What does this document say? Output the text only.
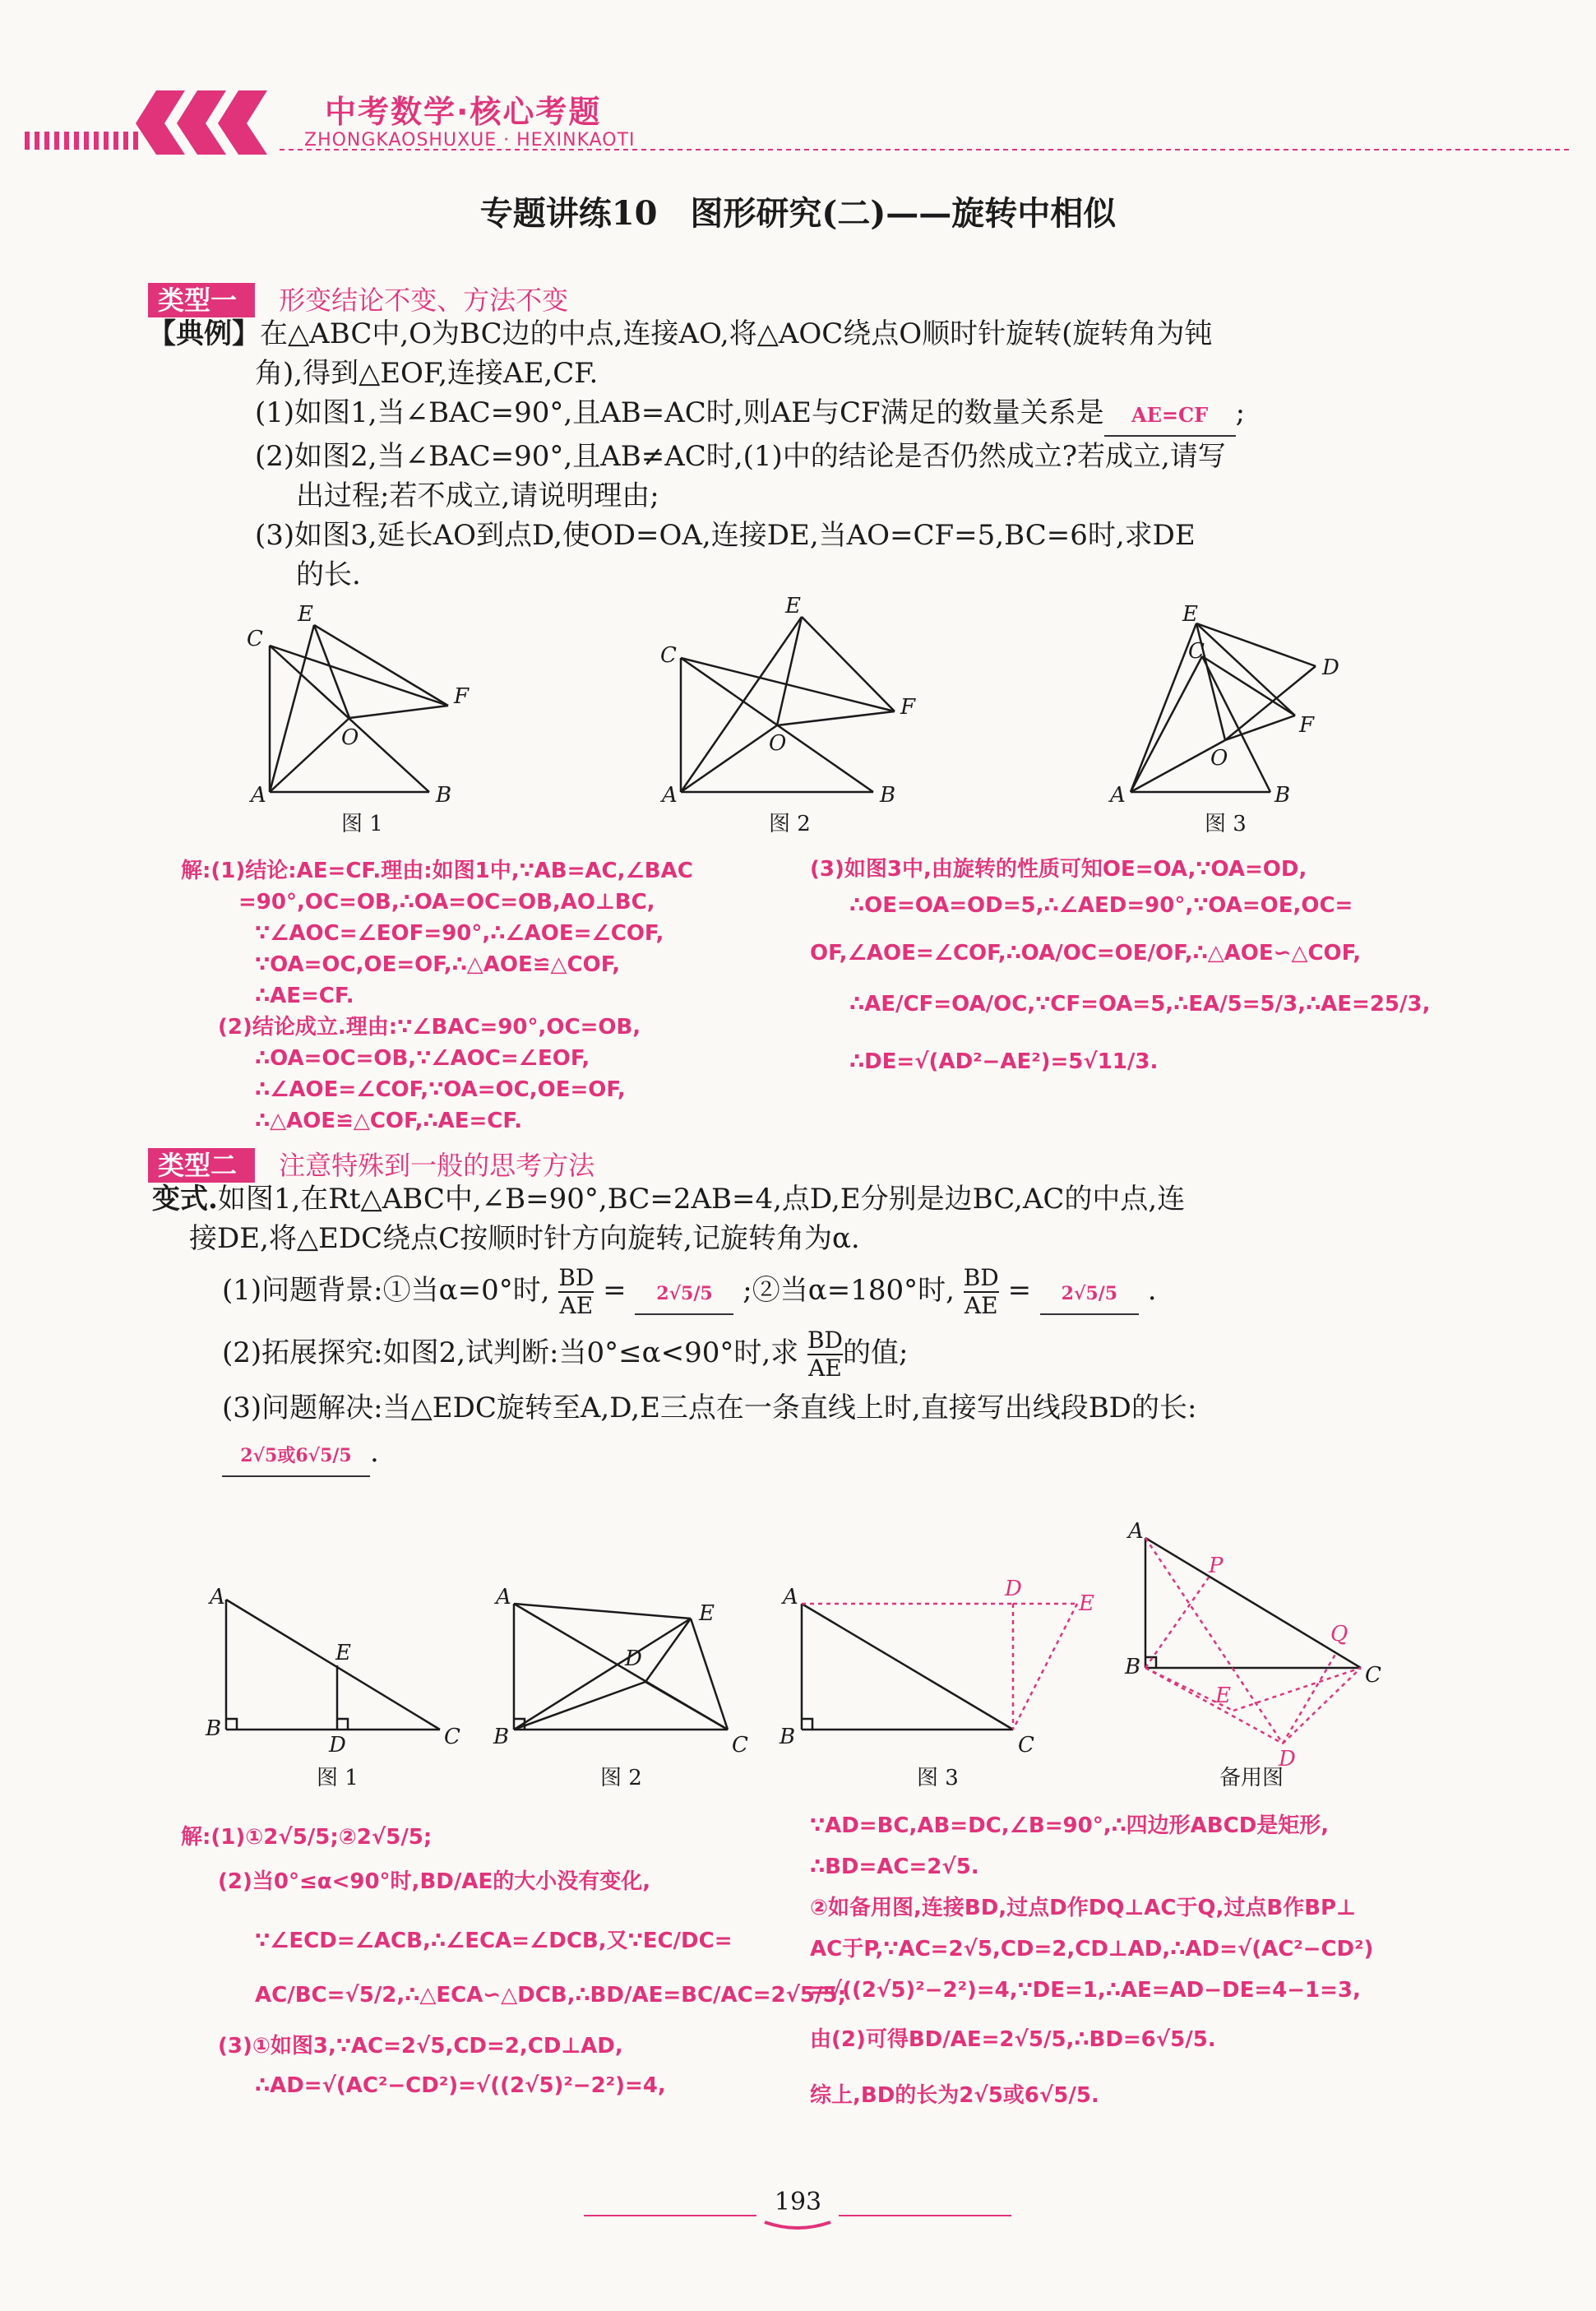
中考数学·核心考题
ZHONGKAOSHUXUE · HEXINKAOTI
专题讲练10　图形研究(二)——旋转中相似
类型一 形变结论不变、方法不变
【典例】在△ABC中,O为BC边的中点,连接AO,将△AOC绕点O顺时针旋转(旋转角为钝
角),得到△EOF,连接AE,CF.
(1)如图1,当∠BAC=90°,且AB=AC时,则AE与CF满足的数量关系是 AE=CF ;
(2)如图2,当∠BAC=90°,且AB≠AC时,(1)中的结论是否仍然成立?若成立,请写
出过程;若不成立,请说明理由;
(3)如图3,延长AO到点D,使OD=OA,连接DE,当AO=CF=5,BC=6时,求DE
的长.
E
C
F
O
A	B
图 1
E
C
F
O
A	B
图 2
E
C
D
F
O
A	B
图 3
解:(1)结论:AE=CF.理由:如图1中,∵AB=AC,∠BAC
=90°,OC=OB,∴OA=OC=OB,AO⊥BC,
∵∠AOC=∠EOF=90°,∴∠AOE=∠COF,
∵OA=OC,OE=OF,∴△AOE≌△COF,
∴AE=CF.
(2)结论成立.理由:∵∠BAC=90°,OC=OB,
∴OA=OC=OB,∵∠AOC=∠EOF,
∴∠AOE=∠COF,∵OA=OC,OE=OF,
∴△AOE≌△COF,∴AE=CF.
(3)如图3中,由旋转的性质可知OE=OA,∵OA=OD,
∴OE=OA=OD=5,∴∠AED=90°,∵OA=OE,OC=
OF,∠AOE=∠COF,∴OA/OC=OE/OF,∴△AOE∽△COF,
∴AE/CF=OA/OC,∵CF=OA=5,∴EA/5=5/3,∴AE=25/3,
∴DE=√(AD²−AE²)=5√11/3.
类型二 注意特殊到一般的思考方法
变式.如图1,在Rt△ABC中,∠B=90°,BC=2AB=4,点D,E分别是边BC,AC的中点,连
接DE,将△EDC绕点C按顺时针方向旋转,记旋转角为α.
(1)问题背景:①当α=0°时, $\frac{BD}{AE} = 2√5/5$ ;②当α=180°时, $\frac{BD}{AE} = 2√5/5$ .
(2)拓展探究:如图2,试判断:当0°≤α<90°时,求 $\frac{BD}{AE}$ 的值;
(3)问题解决:当△EDC旋转至A,D,E三点在一条直线上时,直接写出线段BD的长:
2√5或6√5/5 .
A
E
B
D	C
图 1
A
E
D
B	C
图 2
A	D
E
B	C
图 3
A
P
Q
B	C
E
D
备用图
解:(1)①2√5/5;②2√5/5;
(2)当0°≤α<90°时,BD/AE的大小没有变化,
∵∠ECD=∠ACB,∴∠ECA=∠DCB,又∵EC/DC=
AC/BC=√5/2,∴△ECA∽△DCB,∴BD/AE=BC/AC=2√5/5;
(3)①如图3,∵AC=2√5,CD=2,CD⊥AD,
∴AD=√(AC²−CD²)=√((2√5)²−2²)=4,
∵AD=BC,AB=DC,∠B=90°,∴四边形ABCD是矩形,
∴BD=AC=2√5.
②如备用图,连接BD,过点D作DQ⊥AC于Q,过点B作BP⊥
AC于P,∵AC=2√5,CD=2,CD⊥AD,∴AD=√(AC²−CD²)
=√((2√5)²−2²)=4,∵DE=1,∴AE=AD−DE=4−1=3,
由(2)可得BD/AE=2√5/5,∴BD=6√5/5.
综上,BD的长为2√5或6√5/5.
193
